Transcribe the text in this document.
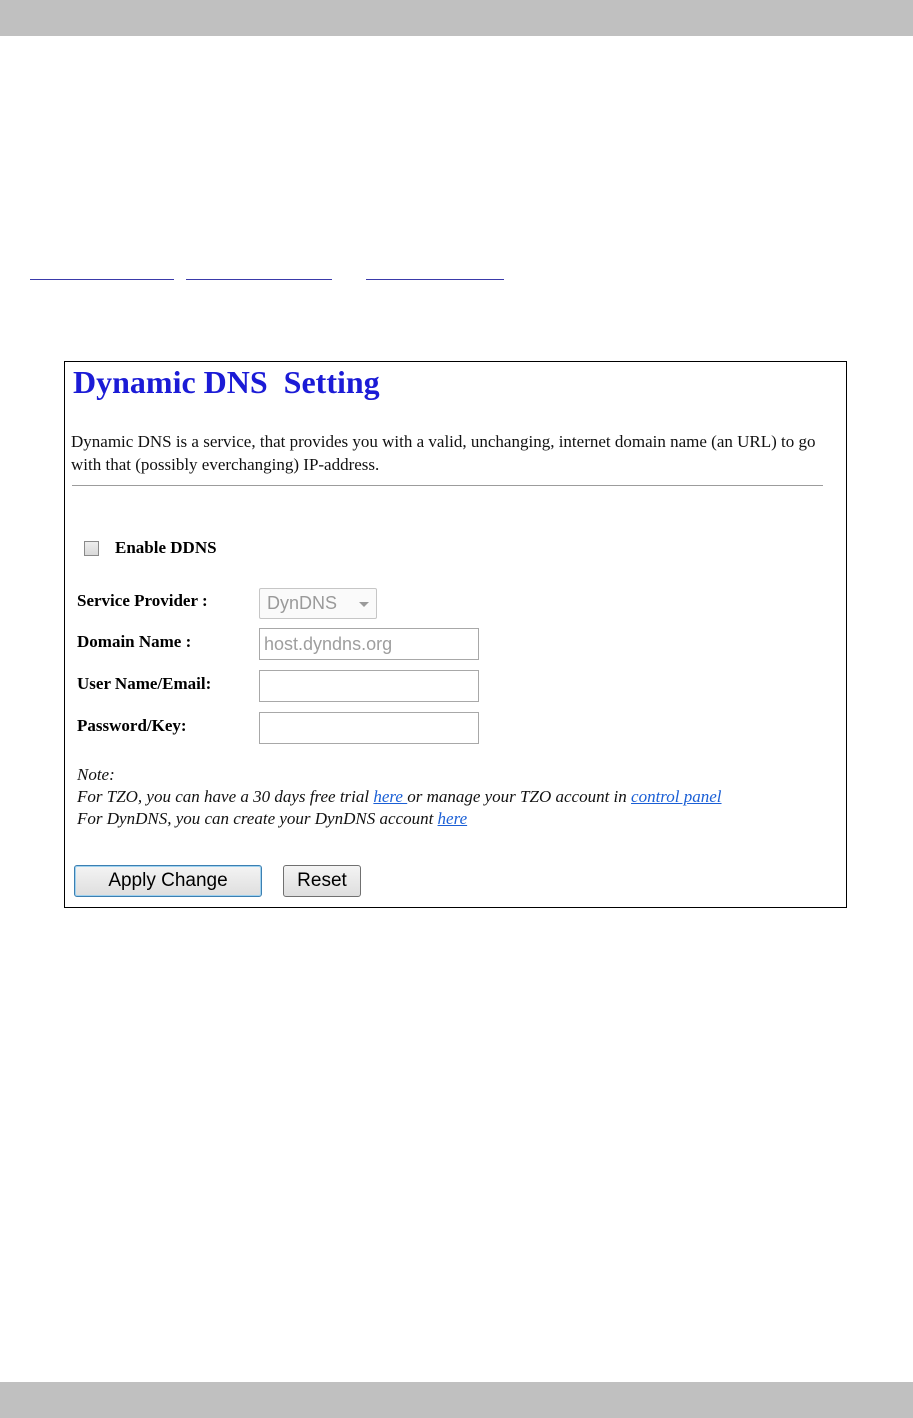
Dynamic DNS  Setting
Dynamic DNS is a service, that provides you with a valid, unchanging, internet domain name (an URL) to go with that (possibly everchanging) IP-address.
Enable DDNS
Service Provider :	DynDNS
Domain Name :	host.dyndns.org
User Name/Email:
Password/Key:
Note:
For TZO, you can have a 30 days free trial here or manage your TZO account in control panel
For DynDNS, you can create your DynDNS account here
Apply Change	Reset
